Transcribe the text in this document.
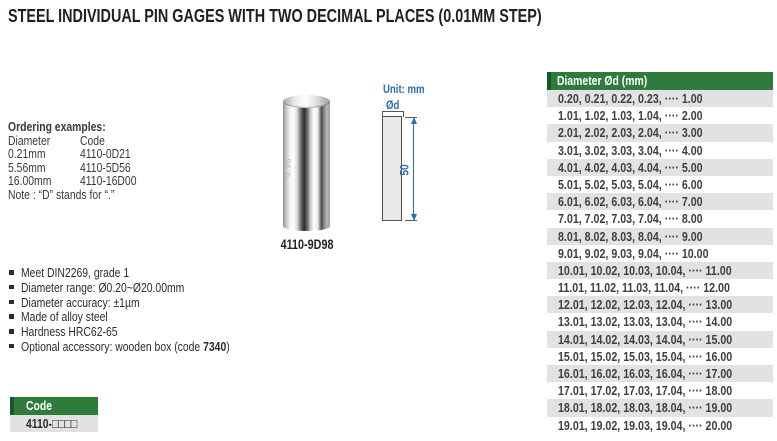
STEEL INDIVIDUAL PIN GAGES WITH TWO DECIMAL PLACES (0.01MM STEP)
Ordering examples:
Diameter	Code
0.21mm	4110-0D21
5.56mm	4110-5D56
16.00mm	4110-16D00
Note : “D” stands for “.”
9.98
4110-9D98
Unit: mm
Ød
50
Meet DIN2269, grade 1
Diameter range: Ø0.20~Ø20.00mm
Diameter accuracy: ±1µm
Made of alloy steel
Hardness HRC62-65
Optional accessory: wooden box (code 7340)
Code
4110-□□□□
Diameter Ød (mm)
0.20, 0.21, 0.22, 0.23, ···· 1.00
1.01, 1.02, 1.03, 1.04, ···· 2.00
2.01, 2.02, 2.03, 2.04, ···· 3.00
3.01, 3.02, 3.03, 3.04, ···· 4.00
4.01, 4.02, 4.03, 4.04, ···· 5.00
5.01, 5.02, 5.03, 5.04, ···· 6.00
6.01, 6.02, 6.03, 6.04, ···· 7.00
7.01, 7.02, 7.03, 7.04, ···· 8.00
8.01, 8.02, 8.03, 8.04, ···· 9.00
9.01, 9.02, 9.03, 9.04, ···· 10.00
10.01, 10.02, 10.03, 10.04, ···· 11.00
11.01, 11.02, 11.03, 11.04, ···· 12.00
12.01, 12.02, 12.03, 12.04, ···· 13.00
13.01, 13.02, 13.03, 13.04, ···· 14.00
14.01, 14.02, 14.03, 14.04, ···· 15.00
15.01, 15.02, 15.03, 15.04, ···· 16.00
16.01, 16.02, 16.03, 16.04, ···· 17.00
17.01, 17.02, 17.03, 17.04, ···· 18.00
18.01, 18.02, 18.03, 18.04, ···· 19.00
19.01, 19.02, 19.03, 19.04, ···· 20.00
